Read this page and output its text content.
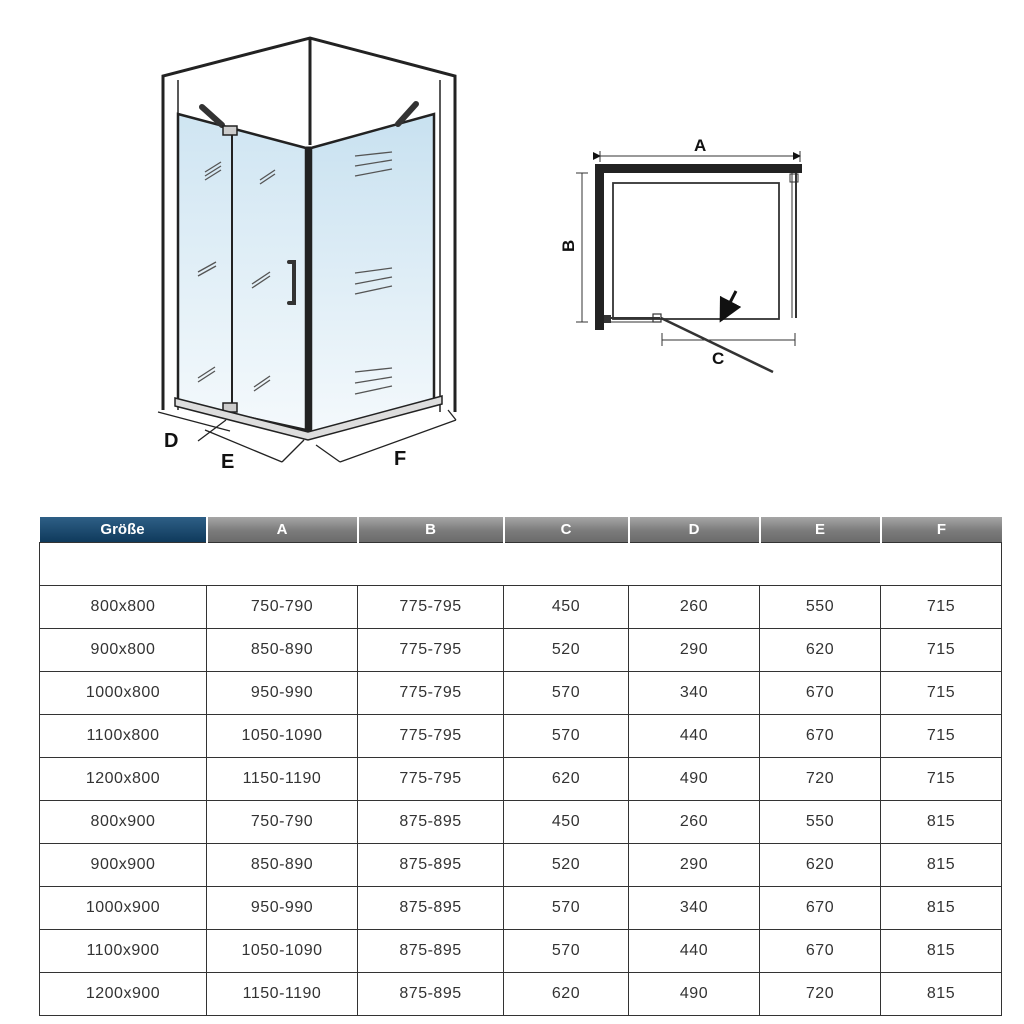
D
E	F
A
B
C
Größe	A	B	C	D	E	F

800x800	750-790	775-795	450	260	550	715
900x800	850-890	775-795	520	290	620	715
1000x800	950-990	775-795	570	340	670	715
1100x800	1050-1090	775-795	570	440	670	715
1200x800	1150-1190	775-795	620	490	720	715
800x900	750-790	875-895	450	260	550	815
900x900	850-890	875-895	520	290	620	815
1000x900	950-990	875-895	570	340	670	815
1100x900	1050-1090	875-895	570	440	670	815
1200x900	1150-1190	875-895	620	490	720	815
